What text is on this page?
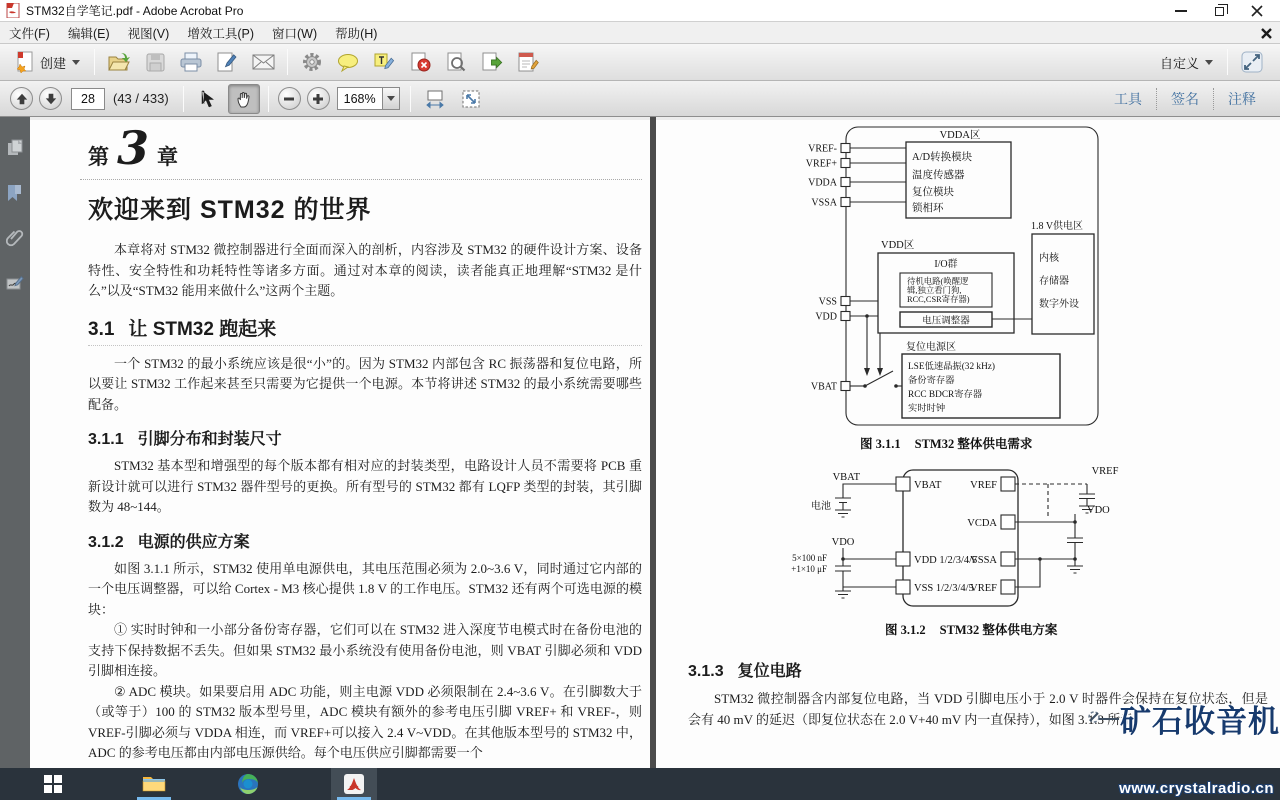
STM32自学笔记.pdf - Adobe Acrobat Pro
文件(F)	编辑(E)	视图(V)	增效工具(P)	窗口(W)	帮助(H)
创建	自定义
28
(43 / 433)	168%	工具	签名	注释
第 3 章
欢迎来到 STM32 的世界

本章将对 STM32 微控制器进行全面而深入的剖析，内容涉及 STM32 的硬件设计方案、设备特性、安全特性和功耗特性等诸多方面。通过对本章的阅读，读者能真正地理解“STM32 是什么”以及“STM32 能用来做什么”这两个主题。

3.1 让 STM32 跑起来

一个 STM32 的最小系统应该是很“小”的。因为 STM32 内部包含 RC 振荡器和复位电路，所以要让 STM32 工作起来甚至只需要为它提供一个电源。本节将讲述 STM32 的最小系统需要哪些配备。

3.1.1 引脚分布和封装尺寸

STM32 基本型和增强型的每个版本都有相对应的封装类型，电路设计人员不需要将 PCB 重新设计就可以进行 STM32 器件型号的更换。所有型号的 STM32 都有 LQFP 类型的封装，其引脚数为 48~144。

3.1.2 电源的供应方案

如图 3.1.1 所示，STM32 使用单电源供电，其电压范围必须为 2.0~3.6 V，同时通过它内部的一个电压调整器，可以给 Cortex - M3 核心提供 1.8 V 的工作电压。STM32 还有两个可选电源的模块：

① 实时时钟和一小部分备份寄存器，它们可以在 STM32 进入深度节电模式时在备份电池的支持下保持数据不丢失。但如果 STM32 最小系统没有使用备份电池，则 VBAT 引脚必须和 VDD 引脚相连接。

② ADC 模块。如果要启用 ADC 功能，则主电源 VDD 必须限制在 2.4~3.6 V。在引脚数大于（或等于）100 的 STM32 版本型号里，ADC 模块有额外的参考电压引脚 VREF+ 和 VREF-，则 VREF-引脚必须与 VDDA 相连，而 VREF+可以接入 2.4 V~VDD。在其他版本型号的 STM32 中，ADC 的参考电压都由内部电压源供给。每个电压供应引脚都需要一个

VDDA区
A/D转换模块
温度传感器
复位模块
锁相环
VREF-
VREF+
VDDA
VSSA
VSS
VDD
VBAT
VDD区
I/O群
待机电路(唤醒逻
辑,独立看门狗,
RCC,CSR寄存器)
电压调整器
1.8 V供电区
内核
存储器
数字外设
复位电源区
LSE低速晶振(32 kHz)
备份寄存器
RCC BDCR寄存器
实时时钟
图 3.1.1 STM32 整体供电需求
VBAT
电池
VDO
5×100 nF
+1×10 μF
VBAT	VREF
VCDA
VDD 1/2/3/4/5
VSSA
VSS 1/2/3/4/5
VREF
VREF
VDO
图 3.1.2 STM32 整体供电方案
3.1.3 复位电路

STM32 微控制器含内部复位电路，当 VDD 引脚电压小于 2.0 V 时器件会保持在复位状态，但是会有 40 mV 的延迟（即复位状态在 2.0 V+40 mV 内一直保持），如图 3.1.3 所示。

矿石收音机
www.crystalradio.cn
